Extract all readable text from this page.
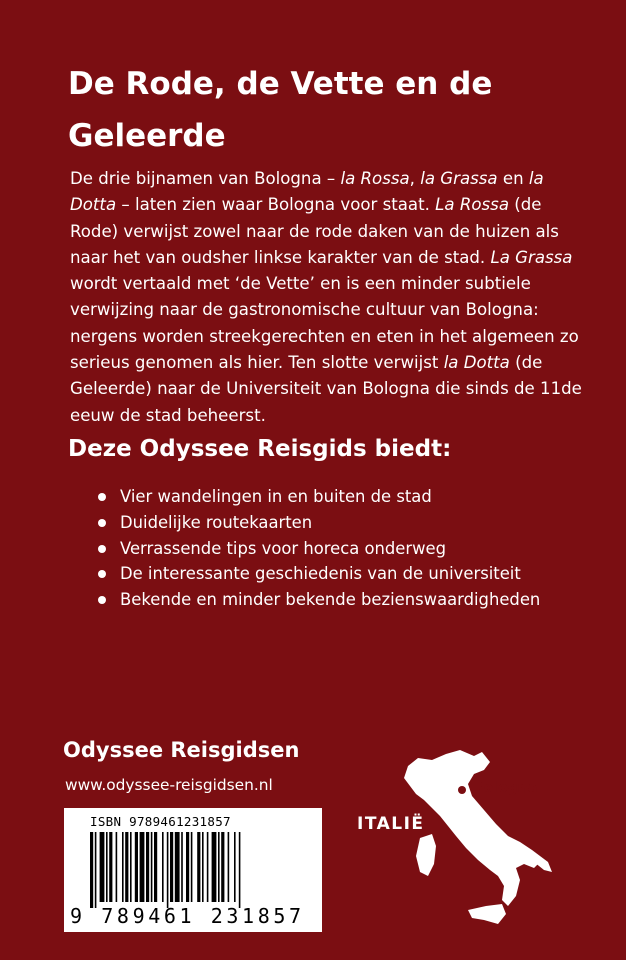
De Rode, de Vette en de Geleerde

De drie bijnamen van Bologna – la Rossa, la Grassa en la Dotta – laten zien waar Bologna voor staat. La Rossa (de Rode) verwijst zowel naar de rode daken van de huizen als naar het van oudsher linkse karakter van de stad. La Grassa wordt vertaald met ‘de Vette’ en is een minder subtiele verwijzing naar de gastronomische cultuur van Bologna: nergens worden streekgerechten en eten in het algemeen zo serieus genomen als hier. Ten slotte verwijst la Dotta (de Geleerde) naar de Universiteit van Bologna die sinds de 11de eeuw de stad beheerst.

Deze Odyssee Reisgids biedt:
Vier wandelingen in en buiten de stad
Duidelijke routekaarten
Verrassende tips voor horeca onderweg
De interessante geschiedenis van de universiteit
Bekende en minder bekende bezienswaardigheden
Odyssee Reisgidsen
www.odyssee-reisgidsen.nl
ISBN 9789461231857
9 789461 231857
ITALIË
Bologna
